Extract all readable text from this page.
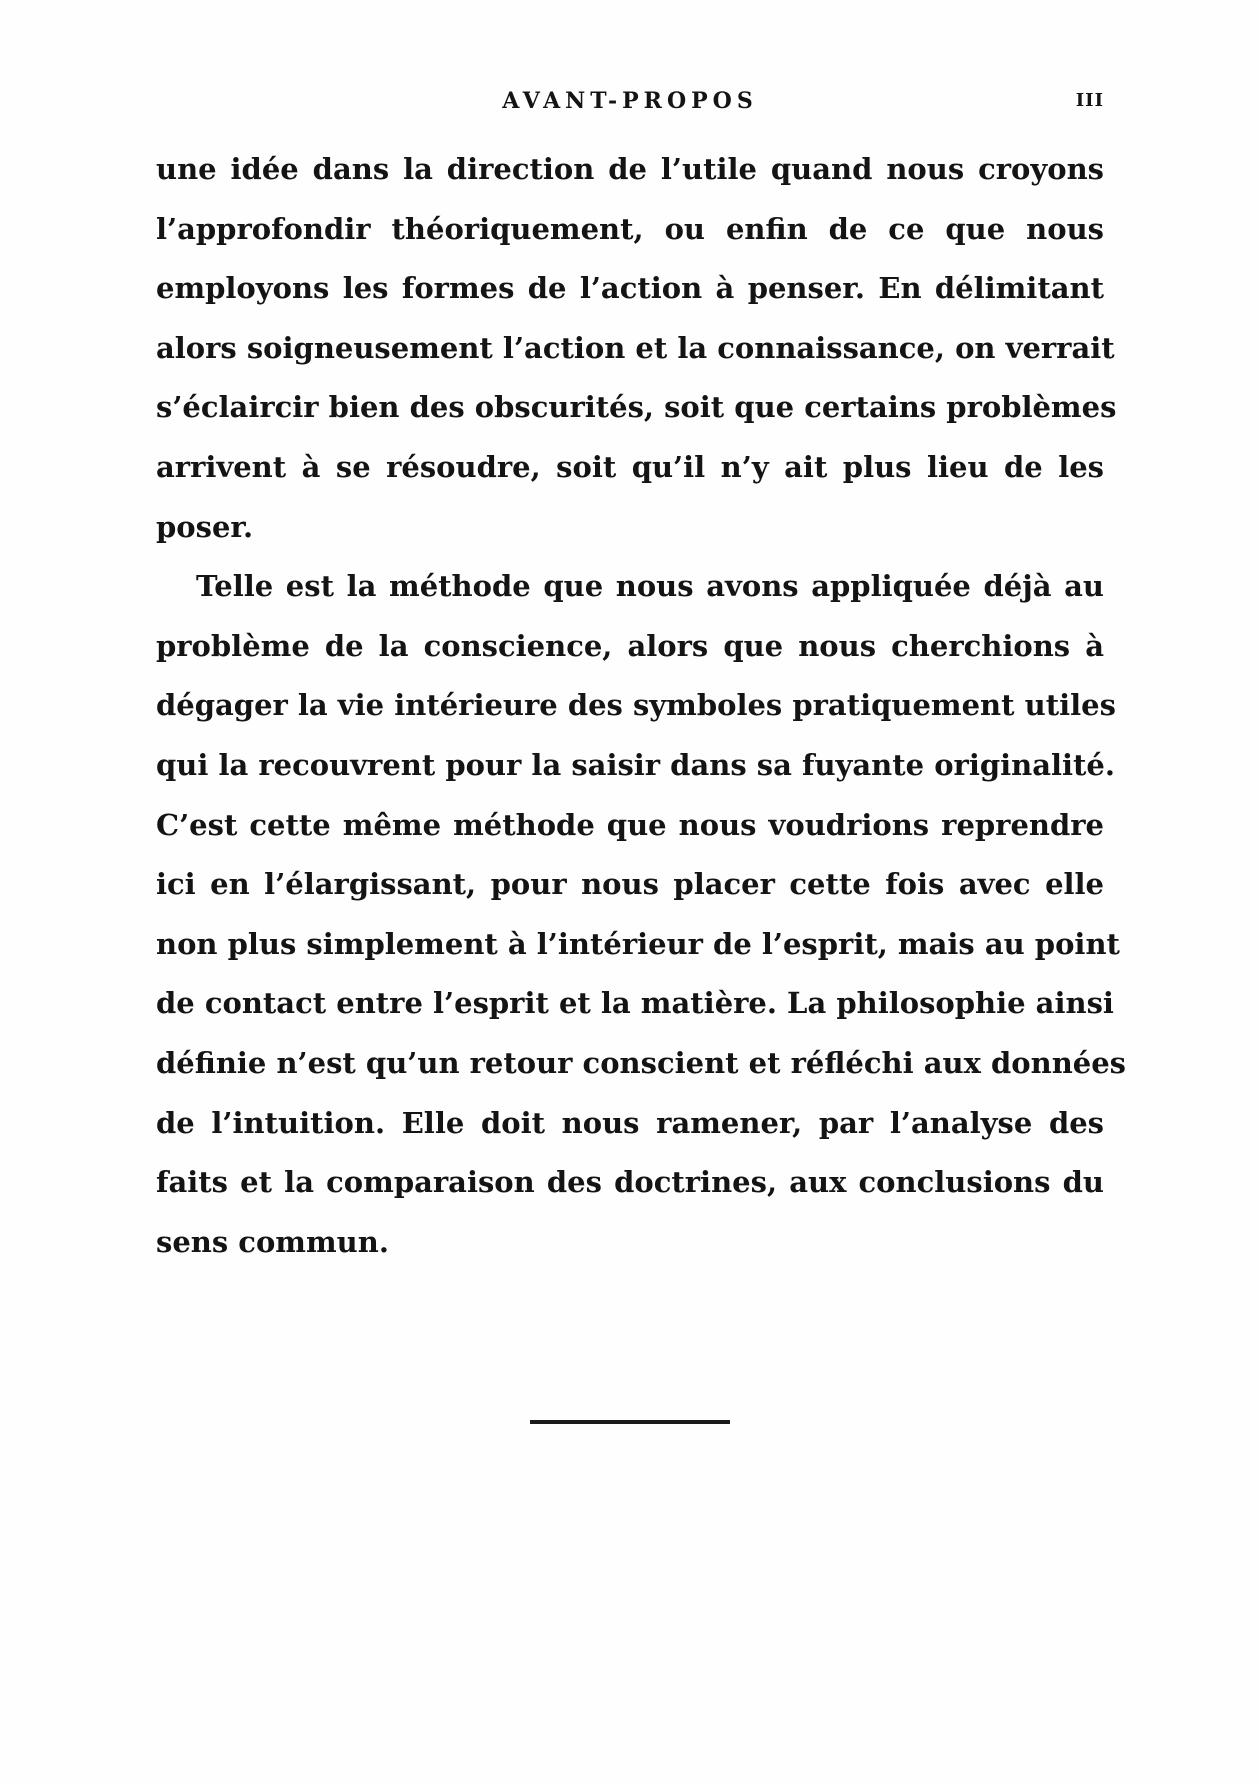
AVANT-PROPOS	III
une idée dans la direction de l’utile quand nous croyons
l’approfondir théoriquement, ou enfin de ce que nous
employons les formes de l’action à penser. En délimitant
alors soigneusement l’action et la connaissance, on verrait
s’éclaircir bien des obscurités, soit que certains problèmes
arrivent à se résoudre, soit qu’il n’y ait plus lieu de les
poser.
Telle est la méthode que nous avons appliquée déjà au
problème de la conscience, alors que nous cherchions à
dégager la vie intérieure des symboles pratiquement utiles
qui la recouvrent pour la saisir dans sa fuyante originalité.
C’est cette même méthode que nous voudrions reprendre
ici en l’élargissant, pour nous placer cette fois avec elle
non plus simplement à l’intérieur de l’esprit, mais au point
de contact entre l’esprit et la matière. La philosophie ainsi
définie n’est qu’un retour conscient et réfléchi aux données
de l’intuition. Elle doit nous ramener, par l’analyse des
faits et la comparaison des doctrines, aux conclusions du
sens commun.
